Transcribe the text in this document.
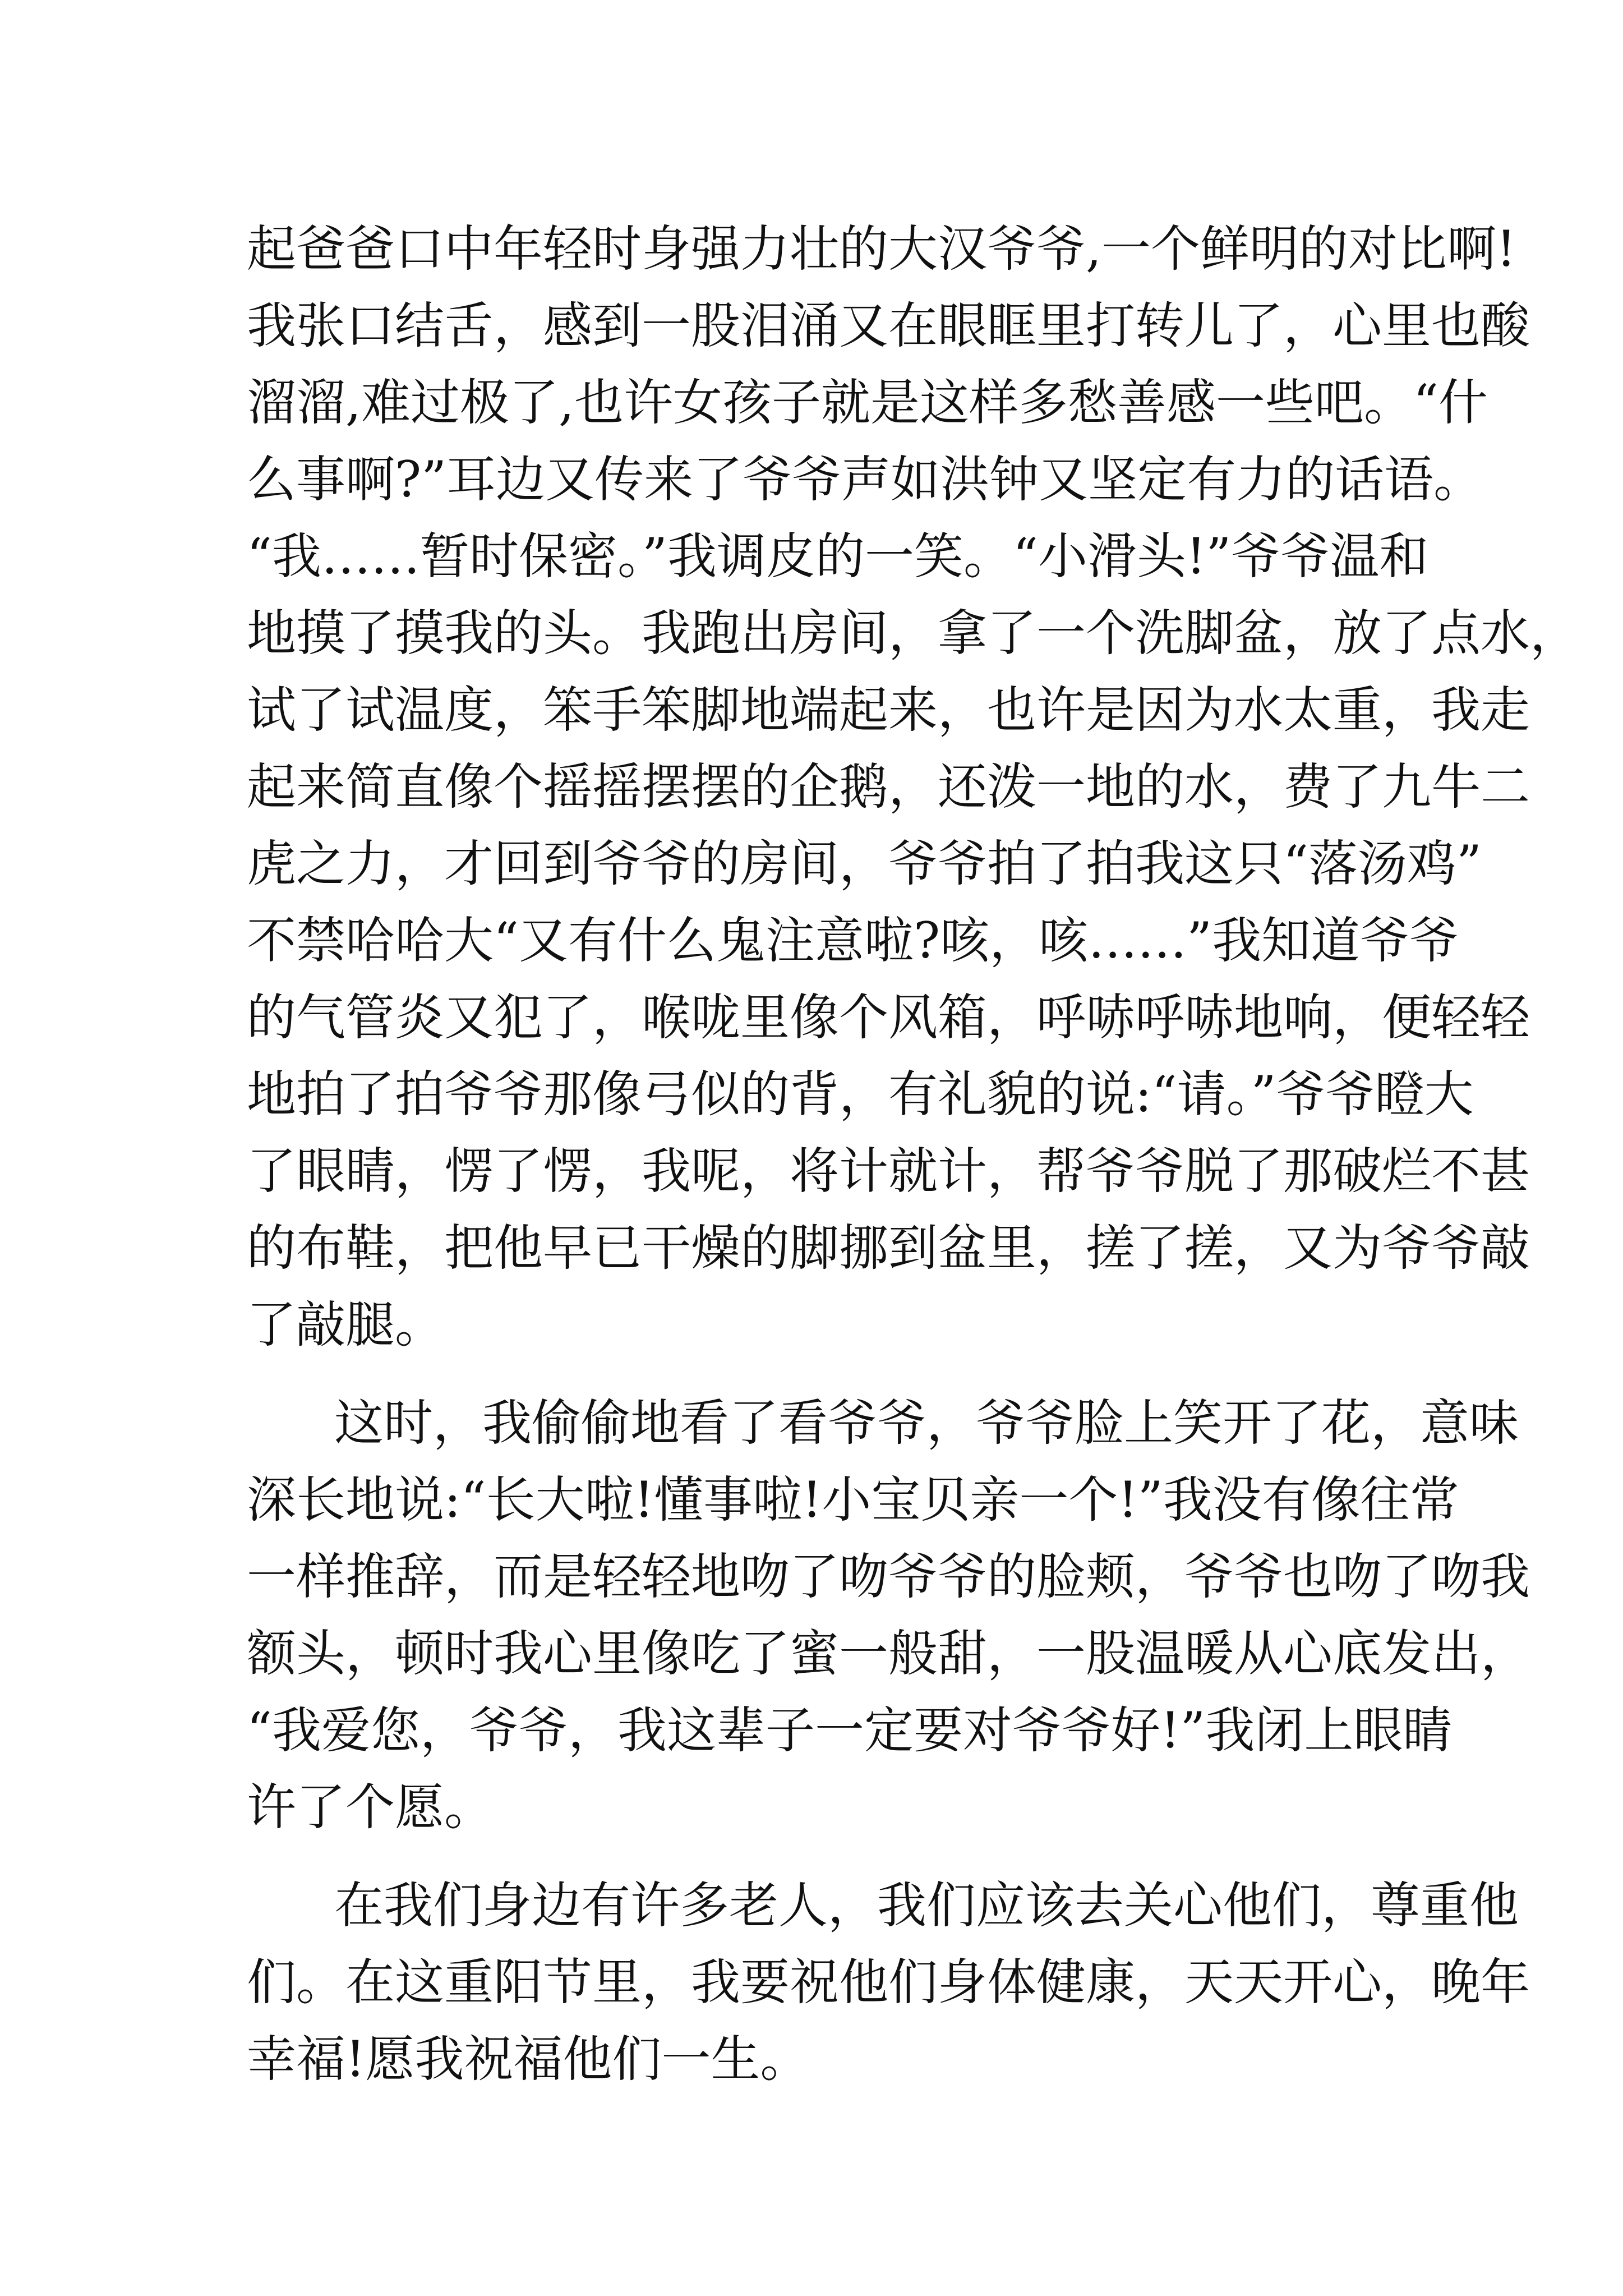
起爸爸口中年轻时身强力壮的大汉爷爷,一个鲜明的对比啊!
我张口结舌，感到一股泪涌又在眼眶里打转儿了，心里也酸
溜溜,难过极了,也许女孩子就是这样多愁善感一些吧。“什
么事啊?”耳边又传来了爷爷声如洪钟又坚定有力的话语。
“我……暂时保密。”我调皮的一笑。“小滑头!”爷爷温和
地摸了摸我的头。我跑出房间，拿了一个洗脚盆，放了点水，
试了试温度，笨手笨脚地端起来，也许是因为水太重，我走
起来简直像个摇摇摆摆的企鹅，还泼一地的水，费了九牛二
虎之力，才回到爷爷的房间，爷爷拍了拍我这只“落汤鸡”
不禁哈哈大“又有什么鬼注意啦?咳，咳……”我知道爷爷
的气管炎又犯了，喉咙里像个风箱，呼哧呼哧地响，便轻轻
地拍了拍爷爷那像弓似的背，有礼貌的说:“请。”爷爷瞪大
了眼睛，愣了愣，我呢，将计就计，帮爷爷脱了那破烂不甚
的布鞋，把他早已干燥的脚挪到盆里，搓了搓，又为爷爷敲
了敲腿。
这时，我偷偷地看了看爷爷，爷爷脸上笑开了花，意味
深长地说:“长大啦!懂事啦!小宝贝亲一个!”我没有像往常
一样推辞，而是轻轻地吻了吻爷爷的脸颊，爷爷也吻了吻我
额头，顿时我心里像吃了蜜一般甜，一股温暖从心底发出，
“我爱您，爷爷，我这辈子一定要对爷爷好!”我闭上眼睛
许了个愿。
在我们身边有许多老人，我们应该去关心他们，尊重他
们。在这重阳节里，我要祝他们身体健康，天天开心，晚年
幸福!愿我祝福他们一生。
